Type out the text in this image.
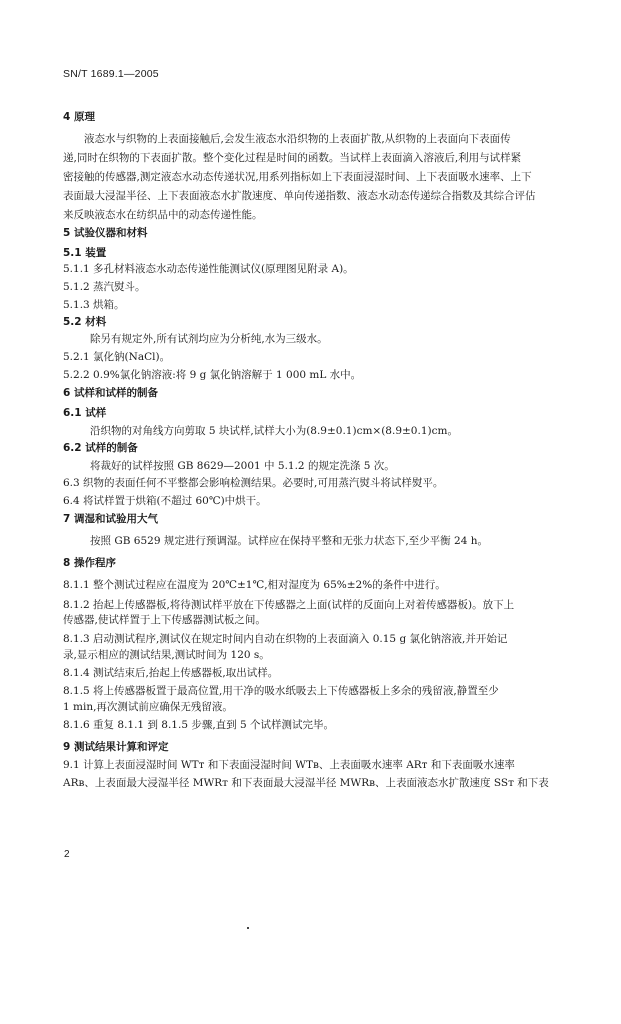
SN/T 1689.1—2005
4 原理
液态水与织物的上表面接触后,会发生液态水沿织物的上表面扩散,从织物的上表面向下表面传
递,同时在织物的下表面扩散。整个变化过程是时间的函数。当试样上表面滴入溶液后,利用与试样紧
密接触的传感器,测定液态水动态传递状况,用系列指标如上下表面浸湿时间、上下表面吸水速率、上下
表面最大浸湿半径、上下表面液态水扩散速度、单向传递指数、液态水动态传递综合指数及其综合评估
来反映液态水在纺织品中的动态传递性能。
5 试验仪器和材料
5.1 装置
5.1.1 多孔材料液态水动态传递性能测试仪(原理图见附录 A)。
5.1.2 蒸汽熨斗。
5.1.3 烘箱。
5.2 材料
除另有规定外,所有试剂均应为分析纯,水为三级水。
5.2.1 氯化钠(NaCl)。
5.2.2 0.9%氯化钠溶液:将 9 g 氯化钠溶解于 1 000 mL 水中。
6 试样和试样的制备
6.1 试样
沿织物的对角线方向剪取 5 块试样,试样大小为(8.9±0.1)cm×(8.9±0.1)cm。
6.2 试样的制备
将裁好的试样按照 GB 8629—2001 中 5.1.2 的规定洗涤 5 次。
6.3 织物的表面任何不平整都会影响检测结果。必要时,可用蒸汽熨斗将试样熨平。
6.4 将试样置于烘箱(不超过 60℃)中烘干。
7 调湿和试验用大气
按照 GB 6529 规定进行预调湿。试样应在保持平整和无张力状态下,至少平衡 24 h。
8 操作程序
8.1.1 整个测试过程应在温度为 20℃±1℃,相对湿度为 65%±2%的条件中进行。
8.1.2 抬起上传感器板,将待测试样平放在下传感器之上面(试样的反面向上对着传感器板)。放下上
传感器,使试样置于上下传感器测试板之间。
8.1.3 启动测试程序,测试仪在规定时间内自动在织物的上表面滴入 0.15 g 氯化钠溶液,并开始记
录,显示相应的测试结果,测试时间为 120 s。
8.1.4 测试结束后,抬起上传感器板,取出试样。
8.1.5 将上传感器板置于最高位置,用干净的吸水纸吸去上下传感器板上多余的残留液,静置至少
1 min,再次测试前应确保无残留液。
8.1.6 重复 8.1.1 到 8.1.5 步骤,直到 5 个试样测试完毕。
9 测试结果计算和评定
9.1 计算上表面浸湿时间 WTᴛ 和下表面浸湿时间 WTʙ、上表面吸水速率 ARᴛ 和下表面吸水速率
ARʙ、上表面最大浸湿半径 MWRᴛ 和下表面最大浸湿半径 MWRʙ、上表面液态水扩散速度 SSᴛ 和下表
2
